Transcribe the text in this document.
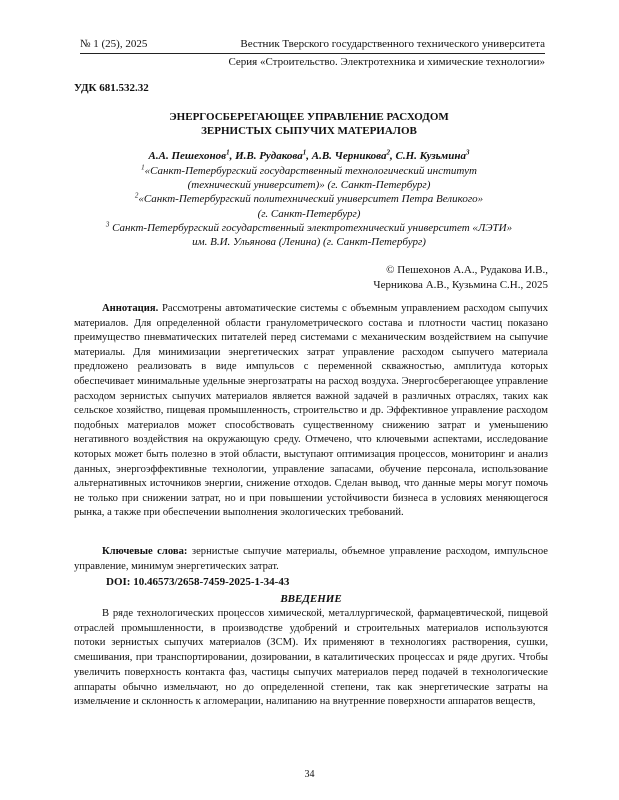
№ 1 (25), 2025	Вестник Тверского государственного технического университета
Серия «Строительство. Электротехника и химические технологии»
УДК 681.532.32
ЭНЕРГОСБЕРЕГАЮЩЕЕ УПРАВЛЕНИЕ РАСХОДОМ
ЗЕРНИСТЫХ СЫПУЧИХ МАТЕРИАЛОВ
А.А. Пешехонов$^1$, И.В. Рудакова$^1$, А.В. Черникова$^2$, С.Н. Кузьмина$^3$
$^1$«Санкт-Петербургский государственный технологический институт
(технический университет)» (г. Санкт-Петербург)
$^2$«Санкт-Петербургский политехнический университет Петра Великого»
(г. Санкт-Петербург)
$^3$ Санкт-Петербургский государственный электротехнический университет «ЛЭТИ»
им. В.И. Ульянова (Ленина) (г. Санкт-Петербург)
© Пешехонов А.А., Рудакова И.В.,
Черникова А.В., Кузьмина С.Н., 2025

Аннотация. Рассмотрены автоматические системы с объемным управлением расходом сыпучих материалов. Для определенной области гранулометрического состава и плотности частиц показано преимущество пневматических питателей перед системами с механическим воздействием на сыпучие материалы. Для минимизации энергетических затрат управление расходом сыпучего материала предложено реализовать в виде импульсов с переменной скважностью, амплитуда которых обеспечивает минимальные удельные энергозатраты на расход воздуха. Энергосберегающее управление расходом зернистых сыпучих материалов является важной задачей в различных отраслях, таких как сельское хозяйство, пищевая промышленность, строительство и др. Эффективное управление расходом подобных материалов может способствовать существенному снижению затрат и уменьшению негативного воздействия на окружающую среду. Отмечено, что ключевыми аспектами, исследование которых может быть полезно в этой области, выступают оптимизация процессов, мониторинг и анализ данных, энергоэффективные технологии, управление запасами, обучение персонала, использование альтернативных источников энергии, снижение отходов. Сделан вывод, что данные меры могут помочь не только при снижении затрат, но и при повышении устойчивости бизнеса в условиях меняющегося рынка, а также при обеспечении выполнения экологических требований.

Ключевые слова: зернистые сыпучие материалы, объемное управление расходом, импульсное управление, минимум энергетических затрат.

DOI: 10.46573/2658-7459-2025-1-34-43
ВВЕДЕНИЕ

В ряде технологических процессов химической, металлургической, фармацевтической, пищевой отраслей промышленности, в производстве удобрений и строительных материалов используются потоки зернистых сыпучих материалов (ЗСМ). Их применяют в технологиях растворения, сушки, смешивания, при транспортировании, дозировании, в каталитических процессах и ряде других. Чтобы увеличить поверхность контакта фаз, частицы сыпучих материалов перед подачей в технологические аппараты обычно измельчают, но до определенной степени, так как энергетические затраты на измельчение и склонность к агломерации, налипанию на внутренние поверхности аппаратов веществ,

34
